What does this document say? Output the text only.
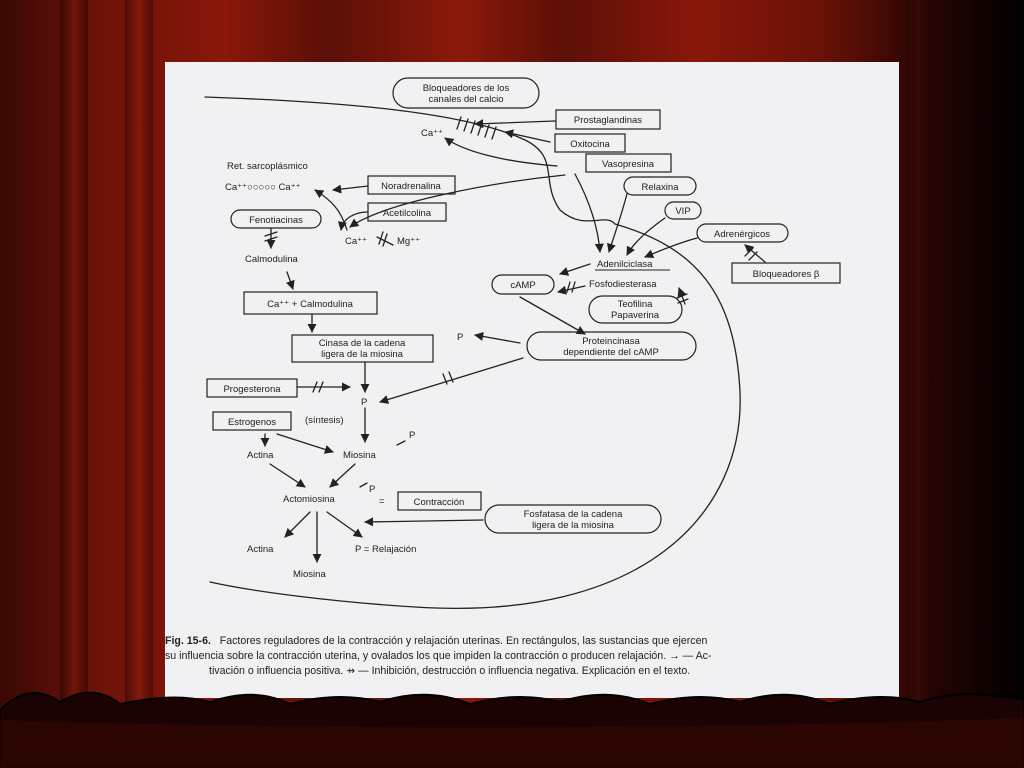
Bloqueadores de los
canales del calcio
Fenotiacinas
Relaxina
VIP
Adrenérgicos
cAMP
Teofilina
Papaverina
Proteincinasa
dependiente del cAMP
Fosfatasa de la cadena
ligera de la miosina
Prostaglandinas
Oxitocina
Vasopresina
Noradrenalina
Acetilcolina
Ca⁺⁺ + Calmodulina
Cinasa de la cadena
ligera de la miosina
Progesterona
Estrogenos
Contracción
Bloqueadores β
Ret. sarcoplásmico
Ca⁺⁺○○○○○ Ca⁺⁺
Ca⁺⁺
Ca⁺⁺	Mg⁺⁺
Calmodulina
P
P
(síntesis)
Actina	Miosina
P
Actomiosina
P
=
Actina	P = Relajación
Miosina
Adenilciclasa
Fosfodiesterasa
Fig. 15-6. Factores reguladores de la contracción y relajación uterinas. En rectángulos, las sustancias que ejercen
su influencia sobre la contracción uterina, y ovalados los que impiden la contracción o producen relajación. → — Ac-
tivación o influencia positiva. ⇸ — Inhibición, destrucción o influencia negativa. Explicación en el texto.
